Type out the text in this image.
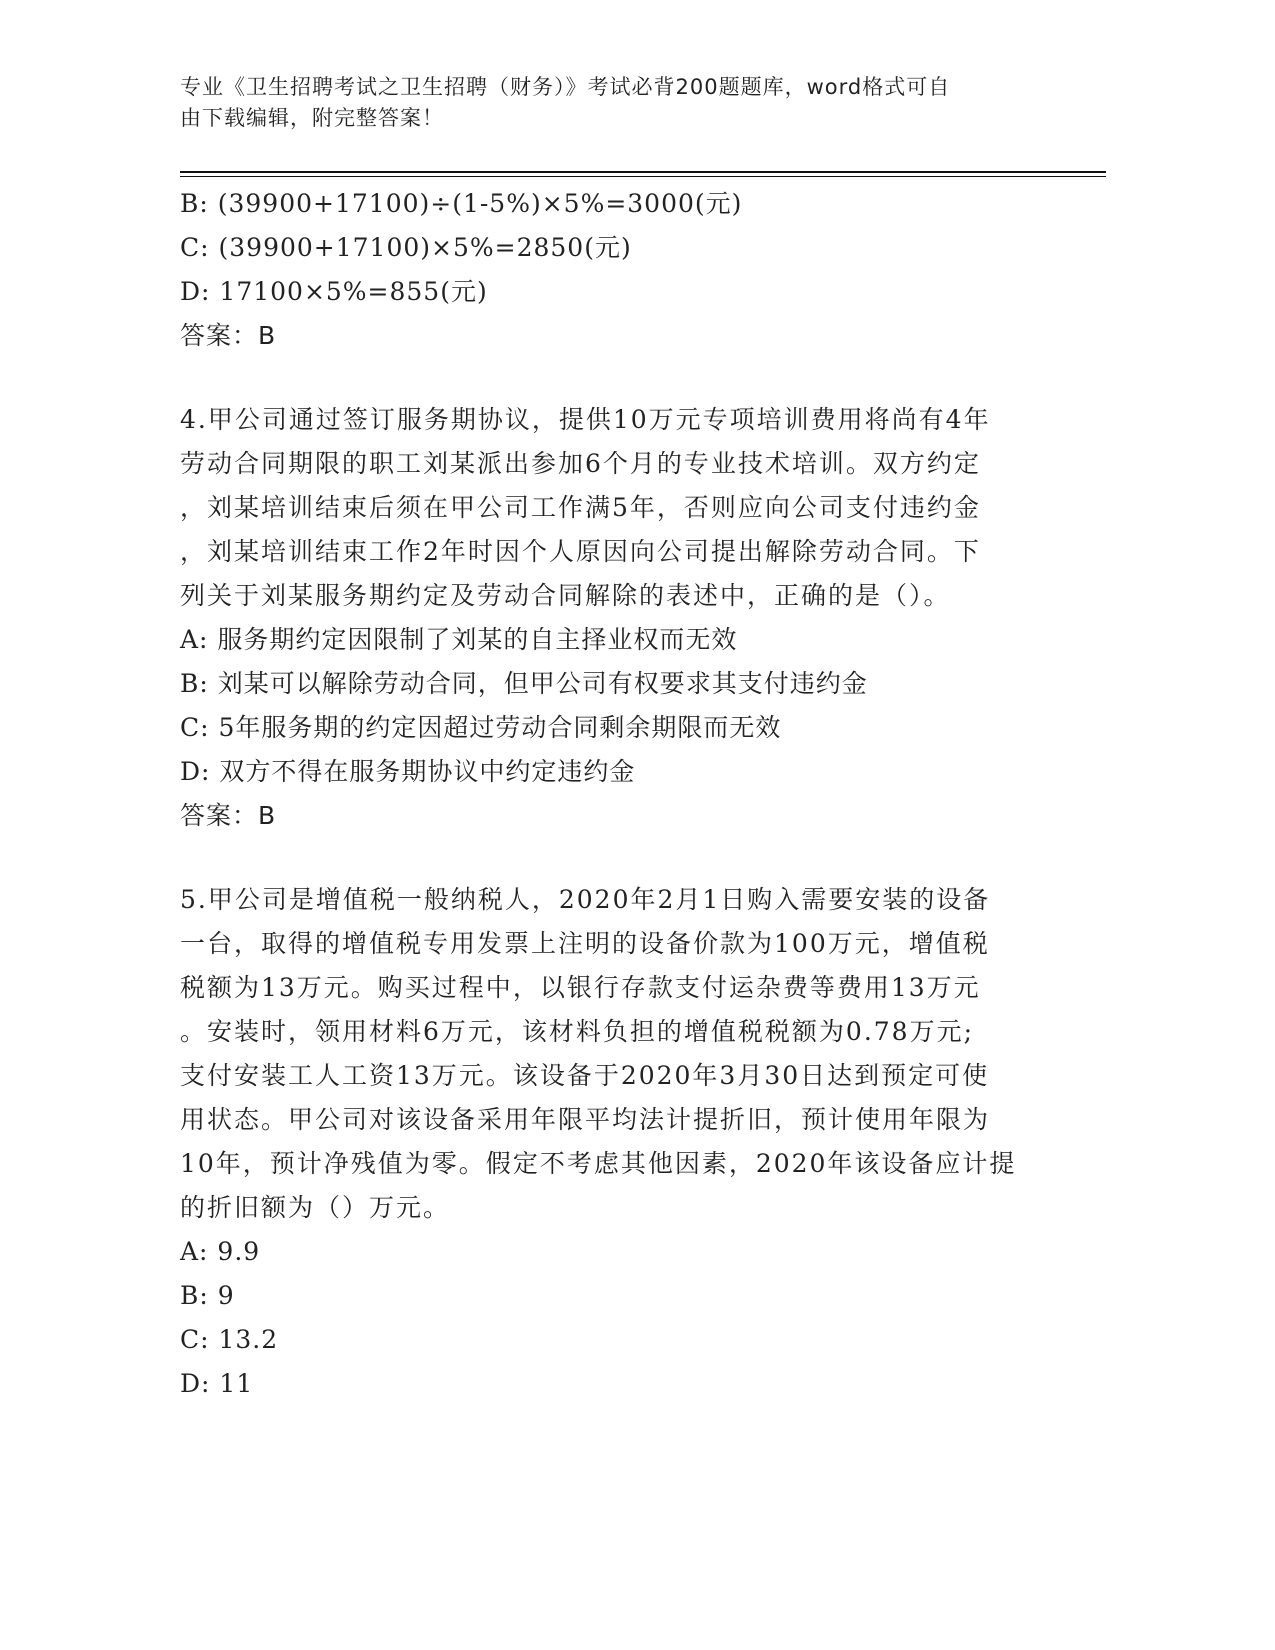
专业《卫生招聘考试之卫生招聘（财务）》考试必背200题题库，word格式可自
由下载编辑，附完整答案！
B: (39900+17100)÷(1-5%)×5%=3000(元)
C: (39900+17100)×5%=2850(元)
D: 17100×5%=855(元)
答案：B
4.甲公司通过签订服务期协议，提供10万元专项培训费用将尚有4年
劳动合同期限的职工刘某派出参加6个月的专业技术培训。双方约定
，刘某培训结束后须在甲公司工作满5年，否则应向公司支付违约金
，刘某培训结束工作2年时因个人原因向公司提出解除劳动合同。下
列关于刘某服务期约定及劳动合同解除的表述中，正确的是（）。
A: 服务期约定因限制了刘某的自主择业权而无效
B: 刘某可以解除劳动合同，但甲公司有权要求其支付违约金
C: 5年服务期的约定因超过劳动合同剩余期限而无效
D: 双方不得在服务期协议中约定违约金
答案：B
5.甲公司是增值税一般纳税人，2020年2月1日购入需要安装的设备
一台，取得的增值税专用发票上注明的设备价款为100万元，增值税
税额为13万元。购买过程中，以银行存款支付运杂费等费用13万元
。安装时，领用材料6万元，该材料负担的增值税税额为0.78万元;
支付安装工人工资13万元。该设备于2020年3月30日达到预定可使
用状态。甲公司对该设备采用年限平均法计提折旧，预计使用年限为
10年，预计净残值为零。假定不考虑其他因素，2020年该设备应计提
的折旧额为（）万元。
A: 9.9
B: 9
C: 13.2
D: 11
